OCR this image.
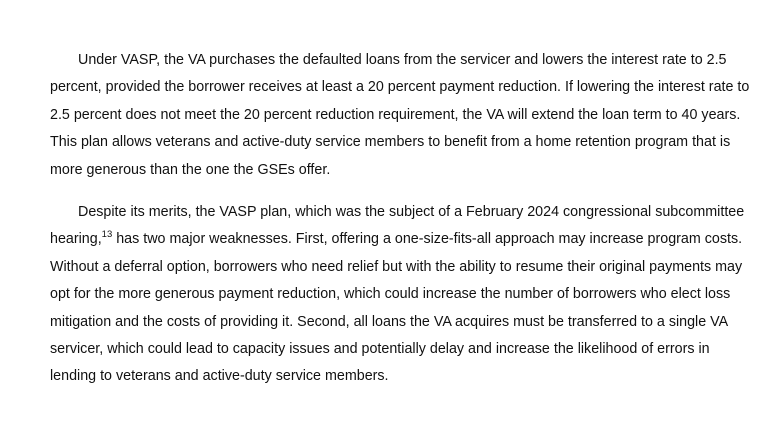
Under VASP, the VA purchases the defaulted loans from the servicer and lowers the interest rate to 2.5 percent, provided the borrower receives at least a 20 percent payment reduction. If lowering the interest rate to 2.5 percent does not meet the 20 percent reduction requirement, the VA will extend the loan term to 40 years. This plan allows veterans and active-duty service members to benefit from a home retention program that is more generous than the one the GSEs offer.

Despite its merits, the VASP plan, which was the subject of a February 2024 congressional subcommittee hearing,$^{13}$ has two major weaknesses. First, offering a one-size-fits-all approach may increase program costs. Without a deferral option, borrowers who need relief but with the ability to resume their original payments may opt for the more generous payment reduction, which could increase the number of borrowers who elect loss mitigation and the costs of providing it. Second, all loans the VA acquires must be transferred to a single VA servicer, which could lead to capacity issues and potentially delay and increase the likelihood of errors in lending to veterans and active-duty service members.
